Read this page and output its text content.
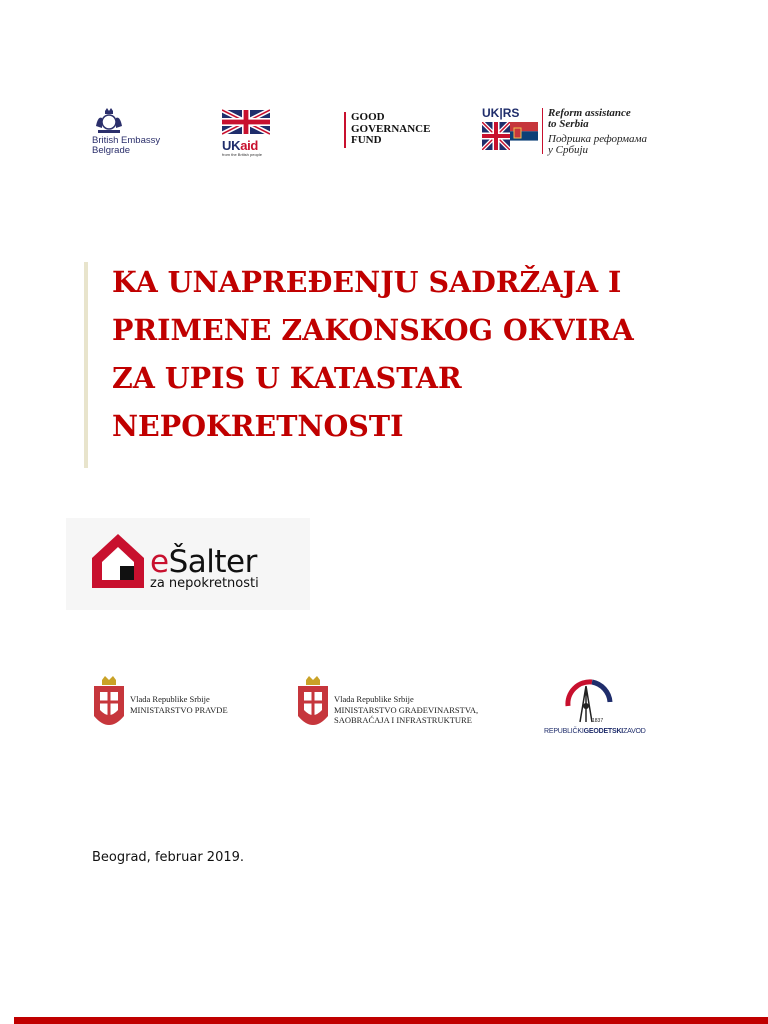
British Embassy
Belgrade	UKaid
from the British people
GOOD
GOVERNANCE
FUND
UK|RS	Reform assistance
to Serbia
Подршка реформама
у Србији
KA UNAPREĐENJU SADRŽAJA I
PRIMENE ZAKONSKOG OKVIRA
ZA UPIS U KATASTAR
NEPOKRETNOSTI
eŠalter
za nepokretnosti
Vlada Republike Srbije
MINISTARSTVO PRAVDE
Vlada Republike Srbije
MINISTARSTVO GRAĐEVINARSTVA,
SAOBRAĆAJA I INFRASTRUKTURE	1837
REPUBLIČKIGEODETSKIZAVOD
Beograd, februar 2019.
